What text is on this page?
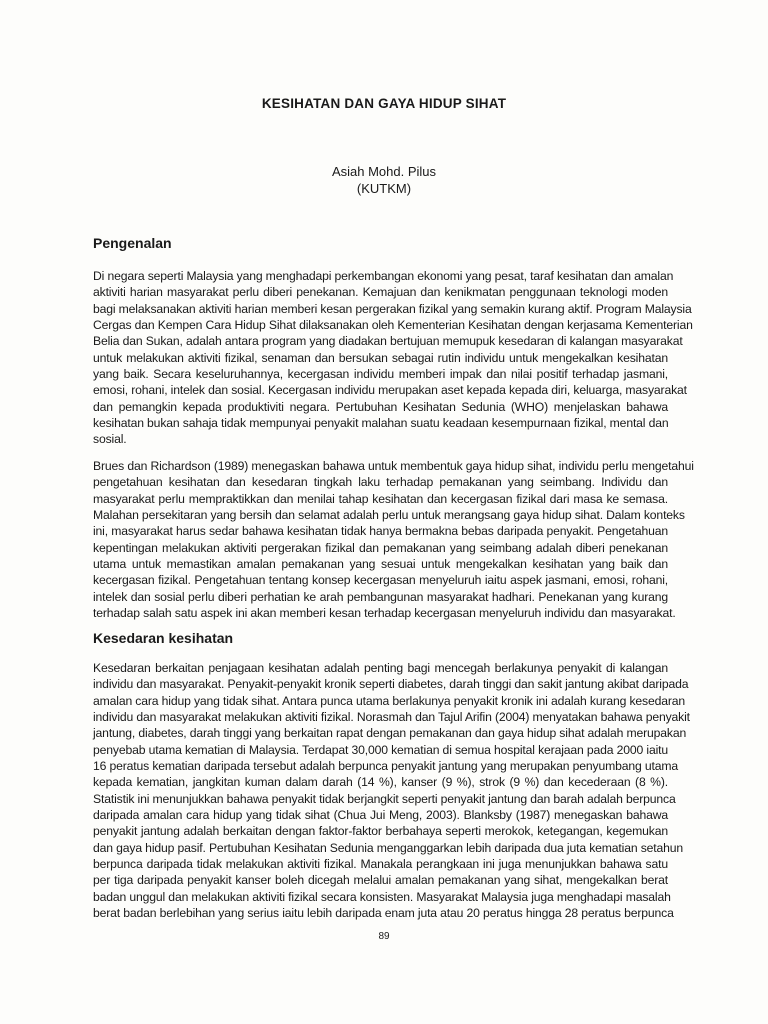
KESIHATAN DAN GAYA HIDUP SIHAT
Asiah Mohd. Pilus
(KUTKM)
Pengenalan
Di negara seperti Malaysia yang menghadapi perkembangan ekonomi yang pesat, taraf kesihatan dan amalan
aktiviti harian masyarakat perlu diberi penekanan. Kemajuan dan kenikmatan penggunaan teknologi moden
bagi melaksanakan aktiviti harian memberi kesan pergerakan fizikal yang semakin kurang aktif. Program Malaysia
Cergas dan Kempen Cara Hidup Sihat dilaksanakan oleh Kementerian Kesihatan dengan kerjasama Kementerian
Belia dan Sukan, adalah antara program yang diadakan bertujuan memupuk kesedaran di kalangan masyarakat
untuk melakukan aktiviti fizikal, senaman dan bersukan sebagai rutin individu untuk mengekalkan kesihatan
yang baik. Secara keseluruhannya, kecergasan individu memberi impak dan nilai positif terhadap jasmani,
emosi, rohani, intelek dan sosial. Kecergasan individu merupakan aset kepada kepada diri, keluarga, masyarakat
dan pemangkin kepada produktiviti negara. Pertubuhan Kesihatan Sedunia (WHO) menjelaskan bahawa
kesihatan bukan sahaja tidak mempunyai penyakit malahan suatu keadaan kesempurnaan fizikal, mental dan
sosial.
Brues dan Richardson (1989) menegaskan bahawa untuk membentuk gaya hidup sihat, individu perlu mengetahui
pengetahuan kesihatan dan kesedaran tingkah laku terhadap pemakanan yang seimbang. Individu dan
masyarakat perlu mempraktikkan dan menilai tahap kesihatan dan kecergasan fizikal dari masa ke semasa.
Malahan persekitaran yang bersih dan selamat adalah perlu untuk merangsang gaya hidup sihat. Dalam konteks
ini, masyarakat harus sedar bahawa kesihatan tidak hanya bermakna bebas daripada penyakit. Pengetahuan
kepentingan melakukan aktiviti pergerakan fizikal dan pemakanan yang seimbang adalah diberi penekanan
utama untuk memastikan amalan pemakanan yang sesuai untuk mengekalkan kesihatan yang baik dan
kecergasan fizikal. Pengetahuan tentang konsep kecergasan menyeluruh iaitu aspek jasmani, emosi, rohani,
intelek dan sosial perlu diberi perhatian ke arah pembangunan masyarakat hadhari. Penekanan yang kurang
terhadap salah satu aspek ini akan memberi kesan terhadap kecergasan menyeluruh individu dan masyarakat.
Kesedaran kesihatan
Kesedaran berkaitan penjagaan kesihatan adalah penting bagi mencegah berlakunya penyakit di kalangan
individu dan masyarakat. Penyakit-penyakit kronik seperti diabetes, darah tinggi dan sakit jantung akibat daripada
amalan cara hidup yang tidak sihat. Antara punca utama berlakunya penyakit kronik ini adalah kurang kesedaran
individu dan masyarakat melakukan aktiviti fizikal. Norasmah dan Tajul Arifin (2004) menyatakan bahawa penyakit
jantung, diabetes, darah tinggi yang berkaitan rapat dengan pemakanan dan gaya hidup sihat adalah merupakan
penyebab utama kematian di Malaysia. Terdapat 30,000 kematian di semua hospital kerajaan pada 2000 iaitu
16 peratus kematian daripada tersebut adalah berpunca penyakit jantung yang merupakan penyumbang utama
kepada kematian, jangkitan kuman dalam darah (14 %), kanser (9 %), strok (9 %) dan kecederaan (8 %).
Statistik ini menunjukkan bahawa penyakit tidak berjangkit seperti penyakit jantung dan barah adalah berpunca
daripada amalan cara hidup yang tidak sihat (Chua Jui Meng, 2003). Blanksby (1987) menegaskan bahawa
penyakit jantung adalah berkaitan dengan faktor-faktor berbahaya seperti merokok, ketegangan, kegemukan
dan gaya hidup pasif. Pertubuhan Kesihatan Sedunia menganggarkan lebih daripada dua juta kematian setahun
berpunca daripada tidak melakukan aktiviti fizikal. Manakala perangkaan ini juga menunjukkan bahawa satu
per tiga daripada penyakit kanser boleh dicegah melalui amalan pemakanan yang sihat, mengekalkan berat
badan unggul dan melakukan aktiviti fizikal secara konsisten. Masyarakat Malaysia juga menghadapi masalah
berat badan berlebihan yang serius iaitu lebih daripada enam juta atau 20 peratus hingga 28 peratus berpunca
89
